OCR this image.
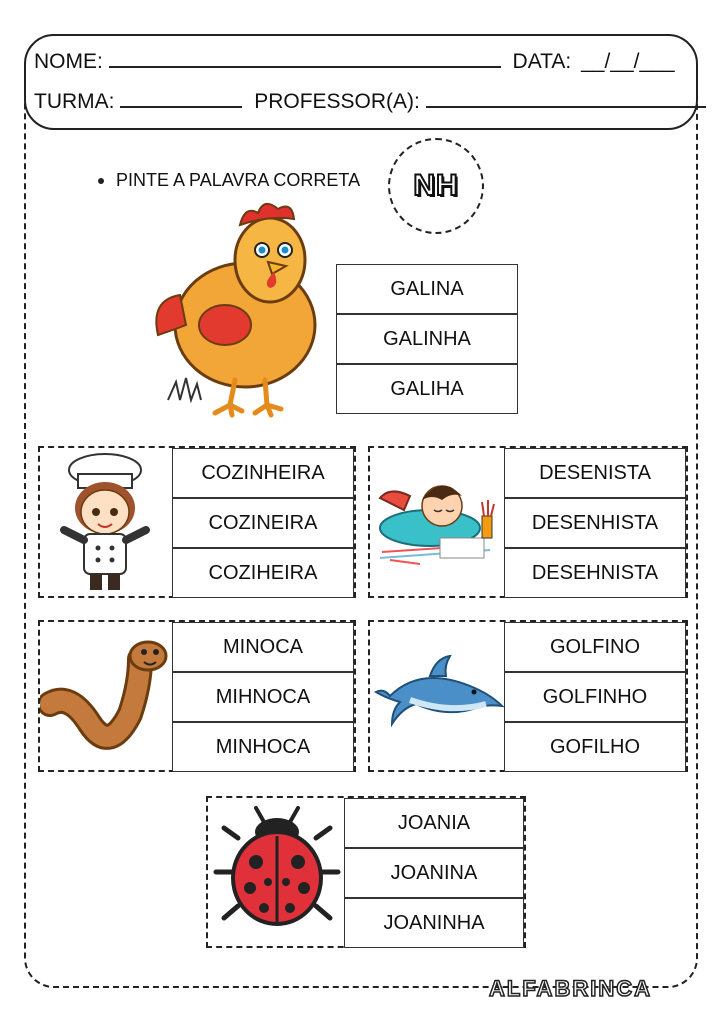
NOME:	DATA: __/__/___
TURMA:	PROFESSOR(A):
PINTE A PALAVRA CORRETA NH
GALINA
GALINHA
GALIHA
COZINHEIRA
COZINEIRA
COZIHEIRA
DESENISTA
DESENHISTA
DESEHNISTA
MINOCA
MIHNOCA
MINHOCA
GOLFINO
GOLFINHO
GOFILHO
JOANIA
JOANINA
JOANINHA
ALFABRINCA
